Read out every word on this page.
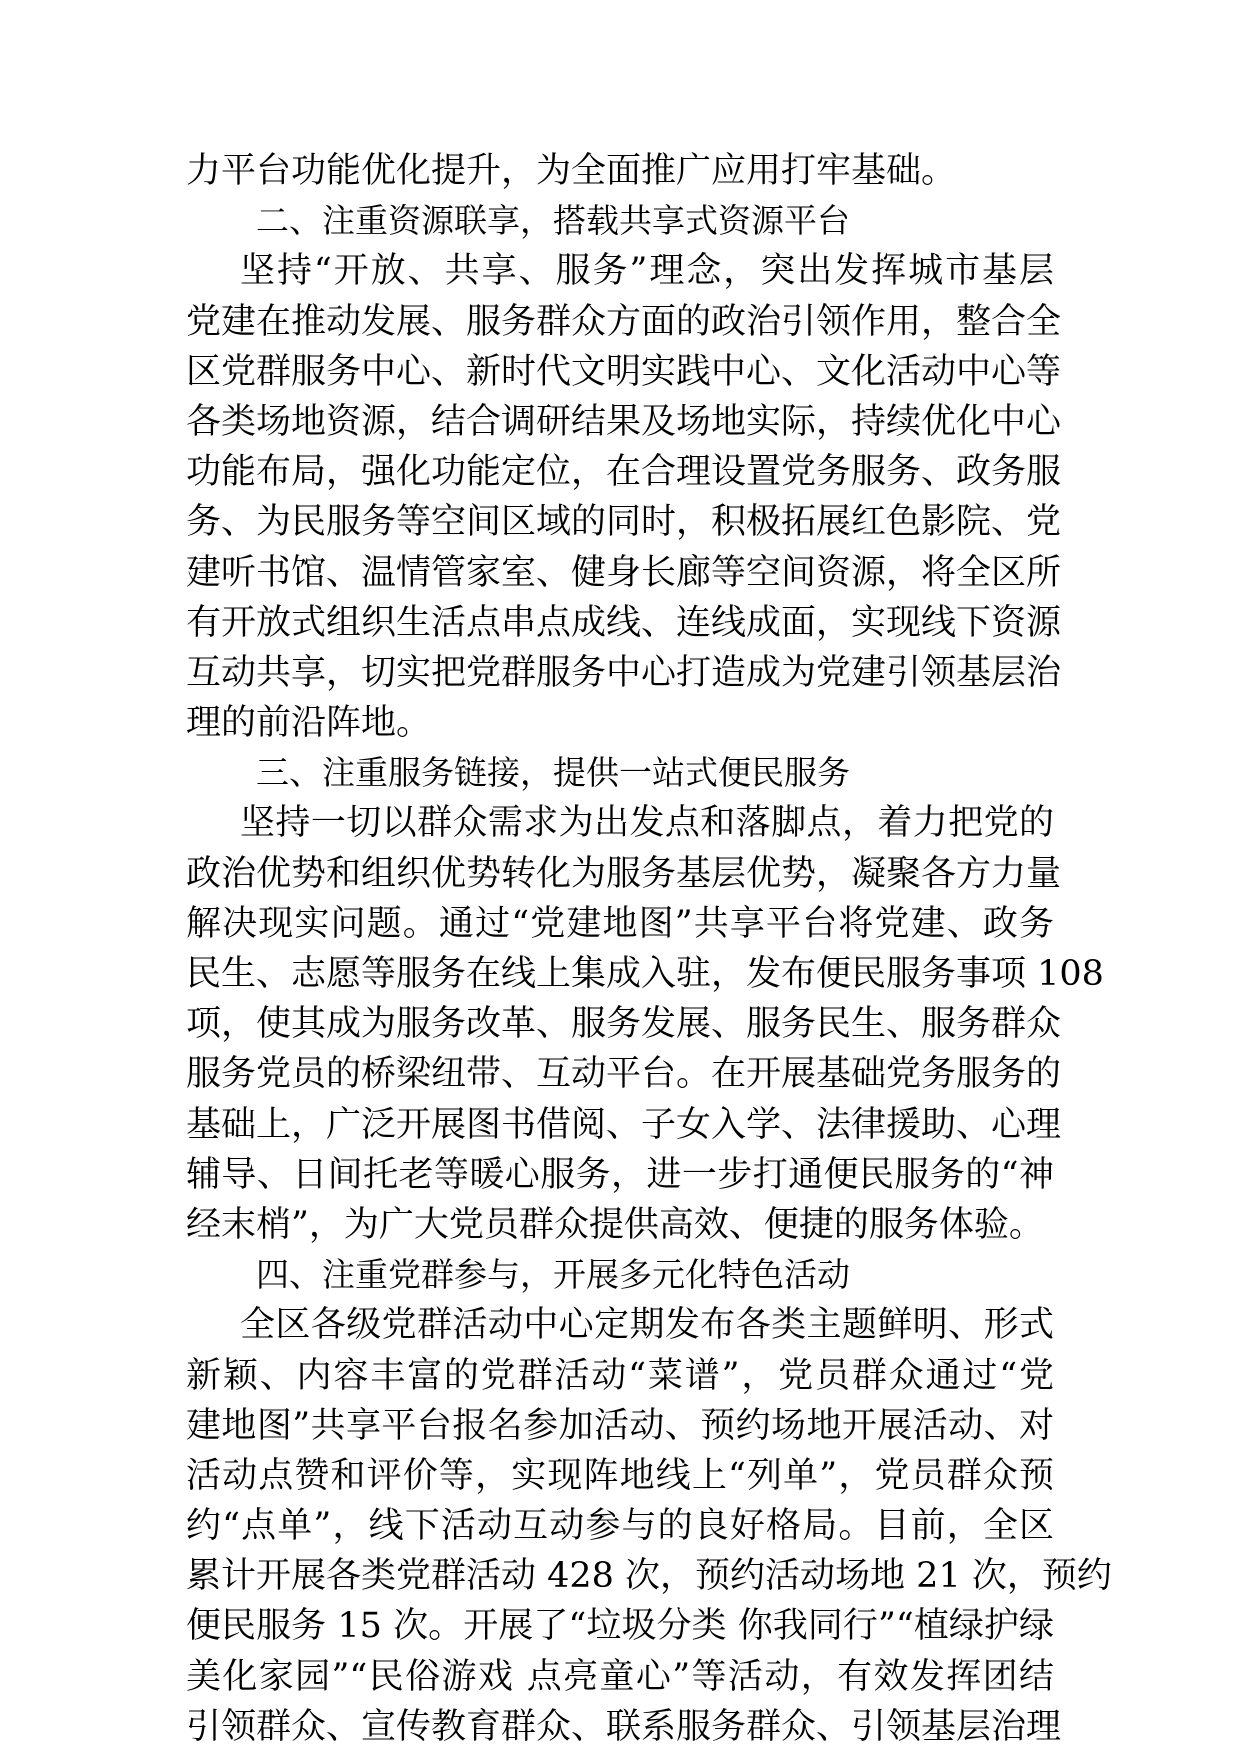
力平台功能优化提升，为全面推广应用打牢基础。
二、注重资源联享，搭载共享式资源平台
坚持“开放、共享、服务”理念，突出发挥城市基层
党建在推动发展、服务群众方面的政治引领作用，整合全
区党群服务中心、新时代文明实践中心、文化活动中心等
各类场地资源，结合调研结果及场地实际，持续优化中心
功能布局，强化功能定位，在合理设置党务服务、政务服
务、为民服务等空间区域的同时，积极拓展红色影院、党
建听书馆、温情管家室、健身长廊等空间资源，将全区所
有开放式组织生活点串点成线、连线成面，实现线下资源
互动共享，切实把党群服务中心打造成为党建引领基层治
理的前沿阵地。
三、注重服务链接，提供一站式便民服务
坚持一切以群众需求为出发点和落脚点，着力把党的
政治优势和组织优势转化为服务基层优势，凝聚各方力量
解决现实问题。通过“党建地图”共享平台将党建、政务
民生、志愿等服务在线上集成入驻，发布便民服务事项 108
项，使其成为服务改革、服务发展、服务民生、服务群众
服务党员的桥梁纽带、互动平台。在开展基础党务服务的
基础上，广泛开展图书借阅、子女入学、法律援助、心理
辅导、日间托老等暖心服务，进一步打通便民服务的“神
经末梢”，为广大党员群众提供高效、便捷的服务体验。
四、注重党群参与，开展多元化特色活动
全区各级党群活动中心定期发布各类主题鲜明、形式
新颖、内容丰富的党群活动“菜谱”，党员群众通过“党
建地图”共享平台报名参加活动、预约场地开展活动、对
活动点赞和评价等，实现阵地线上“列单”，党员群众预
约“点单”，线下活动互动参与的良好格局。目前，全区
累计开展各类党群活动 428 次，预约活动场地 21 次，预约
便民服务 15 次。开展了“垃圾分类 你我同行”“植绿护绿
美化家园”“民俗游戏 点亮童心”等活动，有效发挥团结
引领群众、宣传教育群众、联系服务群众、引领基层治理
